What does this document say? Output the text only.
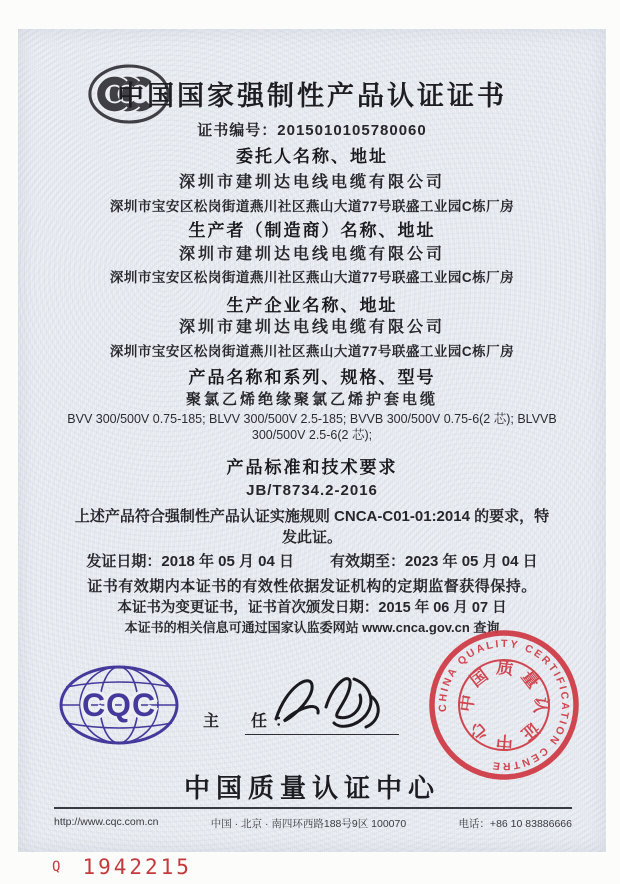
中国国家强制性产品认证证书
证书编号：2015010105780060
委托人名称、地址
深圳市建圳达电线电缆有限公司
深圳市宝安区松岗街道燕川社区燕山大道77号联盛工业园C栋厂房
生产者（制造商）名称、地址
深圳市建圳达电线电缆有限公司
深圳市宝安区松岗街道燕川社区燕山大道77号联盛工业园C栋厂房
生产企业名称、地址
深圳市建圳达电线电缆有限公司
深圳市宝安区松岗街道燕川社区燕山大道77号联盛工业园C栋厂房
产品名称和系列、规格、型号
聚氯乙烯绝缘聚氯乙烯护套电缆
BVV 300/500V 0.75-185; BLVV 300/500V 2.5-185; BVVB 300/500V 0.75-6(2 芯); BLVVB 300/500V 2.5-6(2 芯);
产品标准和技术要求
JB/T8734.2-2016
上述产品符合强制性产品认证实施规则 CNCA-C01-01:2014 的要求，特发此证。
发证日期：2018 年 05 月 04 日 有效期至：2023 年 05 月 04 日
证书有效期内本证书的有效性依据发证机构的定期监督获得保持。
本证书为变更证书，证书首次颁发日期：2015 年 06 月 07 日
本证书的相关信息可通过国家认监委网站 www.cnca.gov.cn 查询
CQC	主　任：
CHINA QUALITY CERTIFICATION CENTRE
中国质量认证中心
中国质量认证中心
http://www.cqc.com.cn	中国 · 北京 · 南四环西路188号9区 100070	电话：+86 10 83886666
Q 1942215
